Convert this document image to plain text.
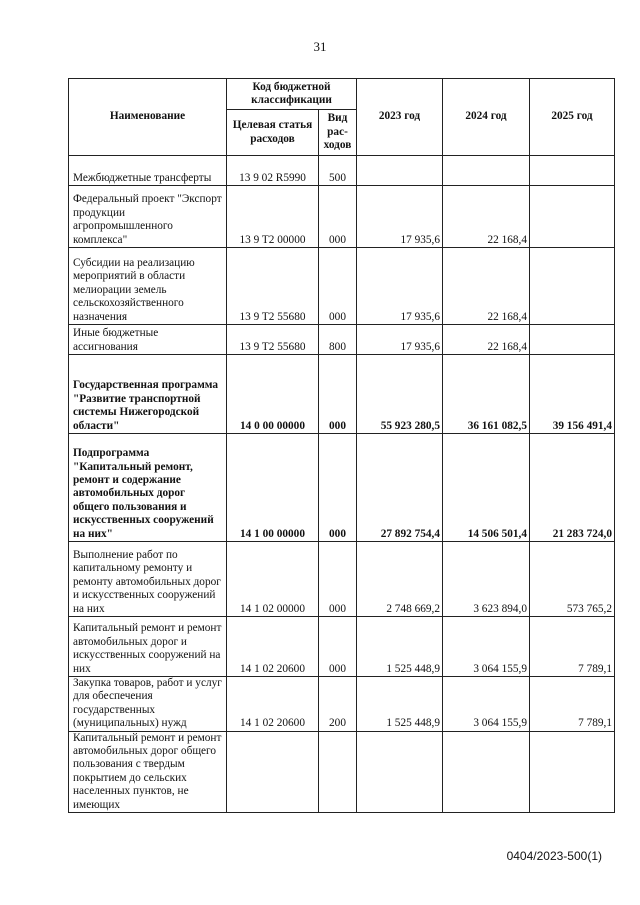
31
Наименование	Код бюджетной классификации		2023 год	2024 год	2025 год
	Целевая статья расходов	Вид рас-ходов			
Межбюджетные трансферты	13 9 02 R5990	500			
Федеральный проект "Экспорт продукции агропромышленного комплекса"	13 9 T2 00000	000	17 935,6	22 168,4	
Субсидии на реализацию мероприятий в области мелиорации земель сельскохозяйственного назначения	13 9 T2 55680	000	17 935,6	22 168,4	
Иные бюджетные ассигнования	13 9 T2 55680	800	17 935,6	22 168,4	
Государственная программа "Развитие транспортной системы Нижегородской области"	14 0 00 00000	000	55 923 280,5	36 161 082,5	39 156 491,4
Подпрограмма "Капитальный ремонт, ремонт и содержание автомобильных дорог общего пользования и искусственных сооружений на них"	14 1 00 00000	000	27 892 754,4	14 506 501,4	21 283 724,0
Выполнение работ по капитальному ремонту и ремонту автомобильных дорог и искусственных сооружений на них	14 1 02 00000	000	2 748 669,2	3 623 894,0	573 765,2
Капитальный ремонт и ремонт автомобильных дорог и искусственных сооружений на них	14 1 02 20600	000	1 525 448,9	3 064 155,9	7 789,1
Закупка товаров, работ и услуг для обеспечения государственных (муниципальных) нужд	14 1 02 20600	200	1 525 448,9	3 064 155,9	7 789,1
Капитальный ремонт и ремонт автомобильных дорог общего пользования с твердым покрытием до сельских населенных пунктов, не имеющих					
0404/2023-500(1)
